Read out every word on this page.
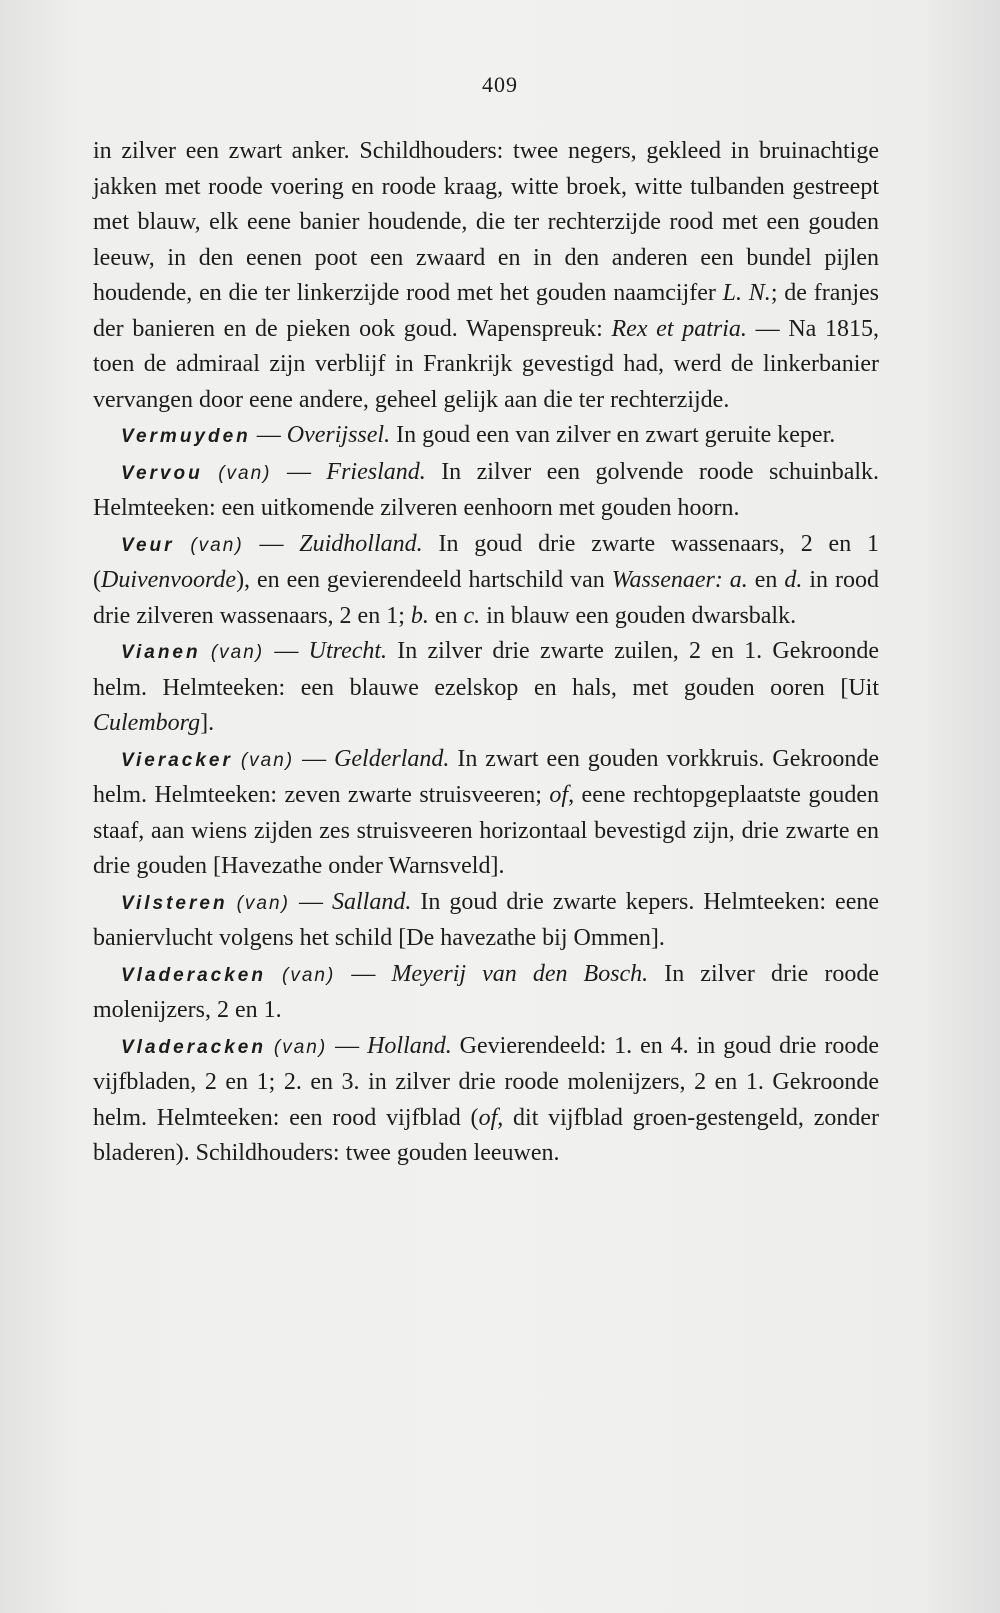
409

in zilver een zwart anker. Schildhouders: twee negers, gekleed in bruinachtige jakken met roode voering en roode kraag, witte broek, witte tulbanden gestreept met blauw, elk eene banier houdende, die ter rechterzijde rood met een gouden leeuw, in den eenen poot een zwaard en in den anderen een bundel pijlen houdende, en die ter linkerzijde rood met het gouden naamcijfer L. N.; de franjes der banieren en de pieken ook goud. Wapenspreuk: Rex et patria. — Na 1815, toen de admiraal zijn verblijf in Frankrijk gevestigd had, werd de linkerbanier vervangen door eene andere, geheel gelijk aan die ter rechterzijde.

Vermuyden — Overijssel. In goud een van zilver en zwart geruite keper.

Vervou (van) — Friesland. In zilver een golvende roode schuinbalk. Helmteeken: een uitkomende zilveren eenhoorn met gouden hoorn.

Veur (van) — Zuidholland. In goud drie zwarte wassenaars, 2 en 1 (Duivenvoorde), en een gevierendeeld hartschild van Wassenaer: a. en d. in rood drie zilveren wassenaars, 2 en 1; b. en c. in blauw een gouden dwarsbalk.

Vianen (van) — Utrecht. In zilver drie zwarte zuilen, 2 en 1. Gekroonde helm. Helmteeken: een blauwe ezelskop en hals, met gouden ooren [Uit Culemborg].

Vieracker (van) — Gelderland. In zwart een gouden vorkkruis. Gekroonde helm. Helmteeken: zeven zwarte struisveeren; of, eene rechtopgeplaatste gouden staaf, aan wiens zijden zes struisveeren horizontaal bevestigd zijn, drie zwarte en drie gouden [Havezathe onder Warnsveld].

Vilsteren (van) — Salland. In goud drie zwarte kepers. Helmteeken: eene baniervlucht volgens het schild [De havezathe bij Ommen].

Vladeracken (van) — Meyerij van den Bosch. In zilver drie roode molenijzers, 2 en 1.

Vladeracken (van) — Holland. Gevierendeeld: 1. en 4. in goud drie roode vijfbladen, 2 en 1; 2. en 3. in zilver drie roode molenijzers, 2 en 1. Gekroonde helm. Helmteeken: een rood vijfblad (of, dit vijfblad groen-gestengeld, zonder bladeren). Schildhouders: twee gouden leeuwen.
